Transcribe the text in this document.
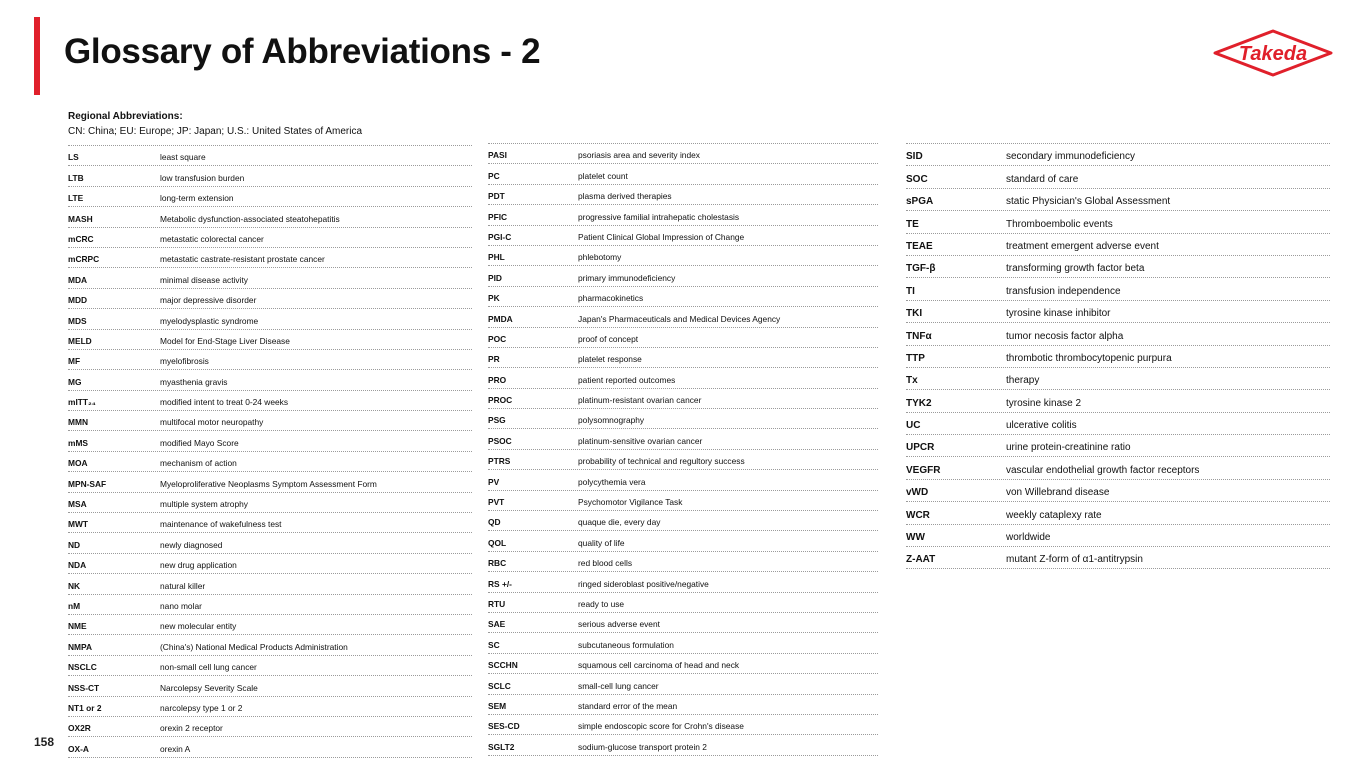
Glossary of Abbreviations - 2	Takeda
Regional Abbreviations:
CN: China; EU: Europe; JP: Japan; U.S.: United States of America
LS	least square
LTB	low transfusion burden
LTE	long-term extension
MASH	Metabolic dysfunction-associated steatohepatitis
mCRC	metastatic colorectal cancer
mCRPC	metastatic castrate-resistant prostate cancer
MDA	minimal disease activity
MDD	major depressive disorder
MDS	myelodysplastic syndrome
MELD	Model for End-Stage Liver Disease
MF	myelofibrosis
MG	myasthenia gravis
mITT₂₄	modified intent to treat 0-24 weeks
MMN	multifocal motor neuropathy
mMS	modified Mayo Score
MOA	mechanism of action
MPN-SAF	Myeloproliferative Neoplasms Symptom Assessment Form
MSA	multiple system atrophy
MWT	maintenance of wakefulness test
ND	newly diagnosed
NDA	new drug application
NK	natural killer
nM	nano molar
NME	new molecular entity
NMPA	(China's) National Medical Products Administration
NSCLC	non-small cell lung cancer
NSS-CT	Narcolepsy Severity Scale
NT1 or 2	narcolepsy type 1 or 2
OX2R	orexin 2 receptor
OX-A	orexin A
PASI	psoriasis area and severity index
PC	platelet count
PDT	plasma derived therapies
PFIC	progressive familial intrahepatic cholestasis
PGI-C	Patient Clinical Global Impression of Change
PHL	phlebotomy
PID	primary immunodeficiency
PK	pharmacokinetics
PMDA	Japan's Pharmaceuticals and Medical Devices Agency
POC	proof of concept
PR	platelet response
PRO	patient reported outcomes
PROC	platinum-resistant ovarian cancer
PSG	polysomnography
PSOC	platinum-sensitive ovarian cancer
PTRS	probability of technical and regultory success
PV	polycythemia vera
PVT	Psychomotor Vigilance Task
QD	quaque die, every day
QOL	quality of life
RBC	red blood cells
RS +/-	ringed sideroblast positive/negative
RTU	ready to use
SAE	serious adverse event
SC	subcutaneous formulation
SCCHN	squamous cell carcinoma of head and neck
SCLC	small-cell lung cancer
SEM	standard error of the mean
SES-CD	simple endoscopic score for Crohn's disease
SGLT2	sodium-glucose transport protein 2
SID	secondary immunodeficiency
SOC	standard of care
sPGA	static Physician's Global Assessment
TE	Thromboembolic events
TEAE	treatment emergent adverse event
TGF-β	transforming growth factor beta
TI	transfusion independence
TKI	tyrosine kinase inhibitor
TNFα	tumor necosis factor alpha
TTP	thrombotic thrombocytopenic purpura
Tx	therapy
TYK2	tyrosine kinase 2
UC	ulcerative colitis
UPCR	urine protein-creatinine ratio
VEGFR	vascular endothelial growth factor receptors
vWD	von Willebrand disease
WCR	weekly cataplexy rate
WW	worldwide
Z-AAT	mutant Z-form of α1-antitrypsin
158
